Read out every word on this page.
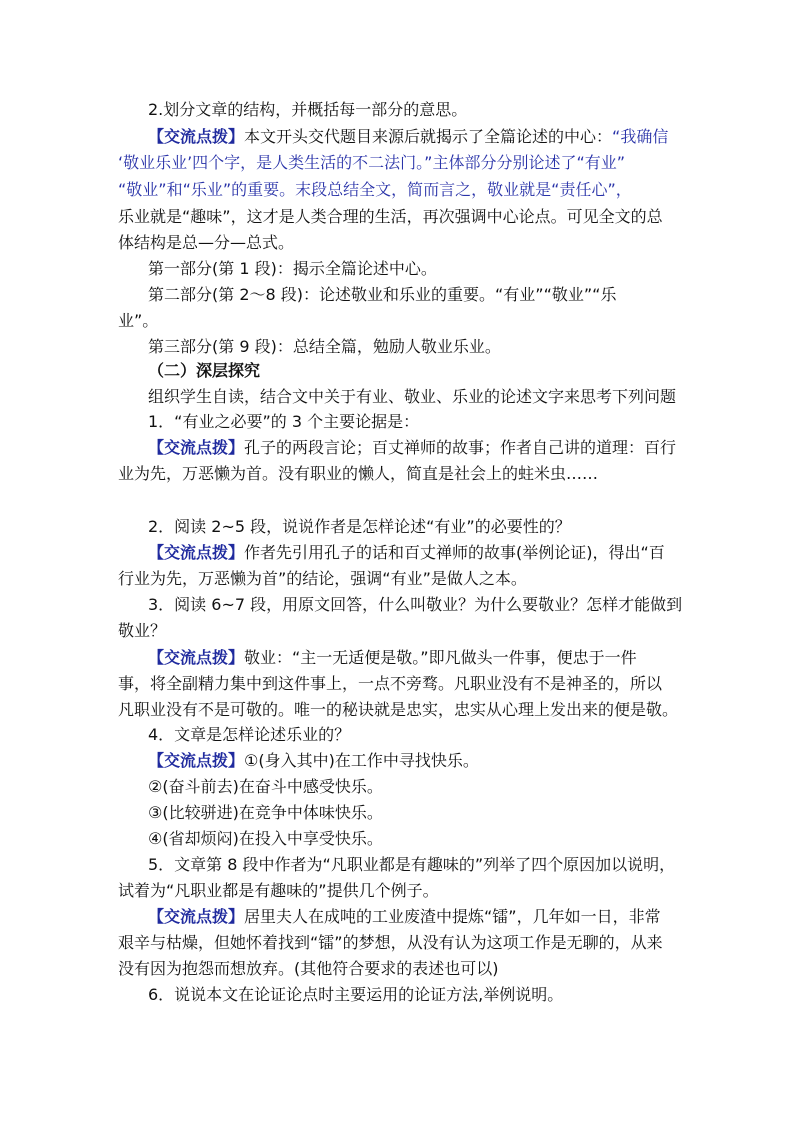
2.划分文章的结构，并概括每一部分的意思。
【交流点拨】本文开头交代题目来源后就揭示了全篇论述的中心：“我确信
‘敬业乐业’四个字，是人类生活的不二法门。”主体部分分别论述了“有业”
“敬业”和“乐业”的重要。末段总结全文，简而言之，敬业就是“责任心”，
乐业就是“趣味”，这才是人类合理的生活，再次强调中心论点。可见全文的总
体结构是总—分—总式。
第一部分(第 1 段)：揭示全篇论述中心。
第二部分(第 2～8 段)：论述敬业和乐业的重要。“有业”“敬业”“乐
业”。
第三部分(第 9 段)：总结全篇，勉励人敬业乐业。
（二）深层探究
组织学生自读，结合文中关于有业、敬业、乐业的论述文字来思考下列问题
1．“有业之必要”的 3 个主要论据是：
【交流点拨】孔子的两段言论；百丈禅师的故事；作者自己讲的道理：百行
业为先，万恶懒为首。没有职业的懒人，简直是社会上的蛀米虫……
2．阅读 2~5 段，说说作者是怎样论述“有业”的必要性的？
【交流点拨】作者先引用孔子的话和百丈禅师的故事(举例论证)，得出“百
行业为先，万恶懒为首”的结论，强调“有业”是做人之本。
3．阅读 6~7 段，用原文回答，什么叫敬业？为什么要敬业？怎样才能做到
敬业？
【交流点拨】敬业：“主一无适便是敬。”即凡做头一件事，便忠于一件
事，将全副精力集中到这件事上，一点不旁骛。凡职业没有不是神圣的，所以
凡职业没有不是可敬的。唯一的秘诀就是忠实，忠实从心理上发出来的便是敬。
4．文章是怎样论述乐业的？
【交流点拨】①(身入其中)在工作中寻找快乐。
②(奋斗前去)在奋斗中感受快乐。
③(比较骈进)在竞争中体味快乐。
④(省却烦闷)在投入中享受快乐。
5．文章第 8 段中作者为“凡职业都是有趣味的”列举了四个原因加以说明，
试着为“凡职业都是有趣味的”提供几个例子。
【交流点拨】居里夫人在成吨的工业废渣中提炼“镭”，几年如一日，非常
艰辛与枯燥，但她怀着找到“镭”的梦想，从没有认为这项工作是无聊的，从来
没有因为抱怨而想放弃。(其他符合要求的表述也可以)
6．说说本文在论证论点时主要运用的论证方法,举例说明。
